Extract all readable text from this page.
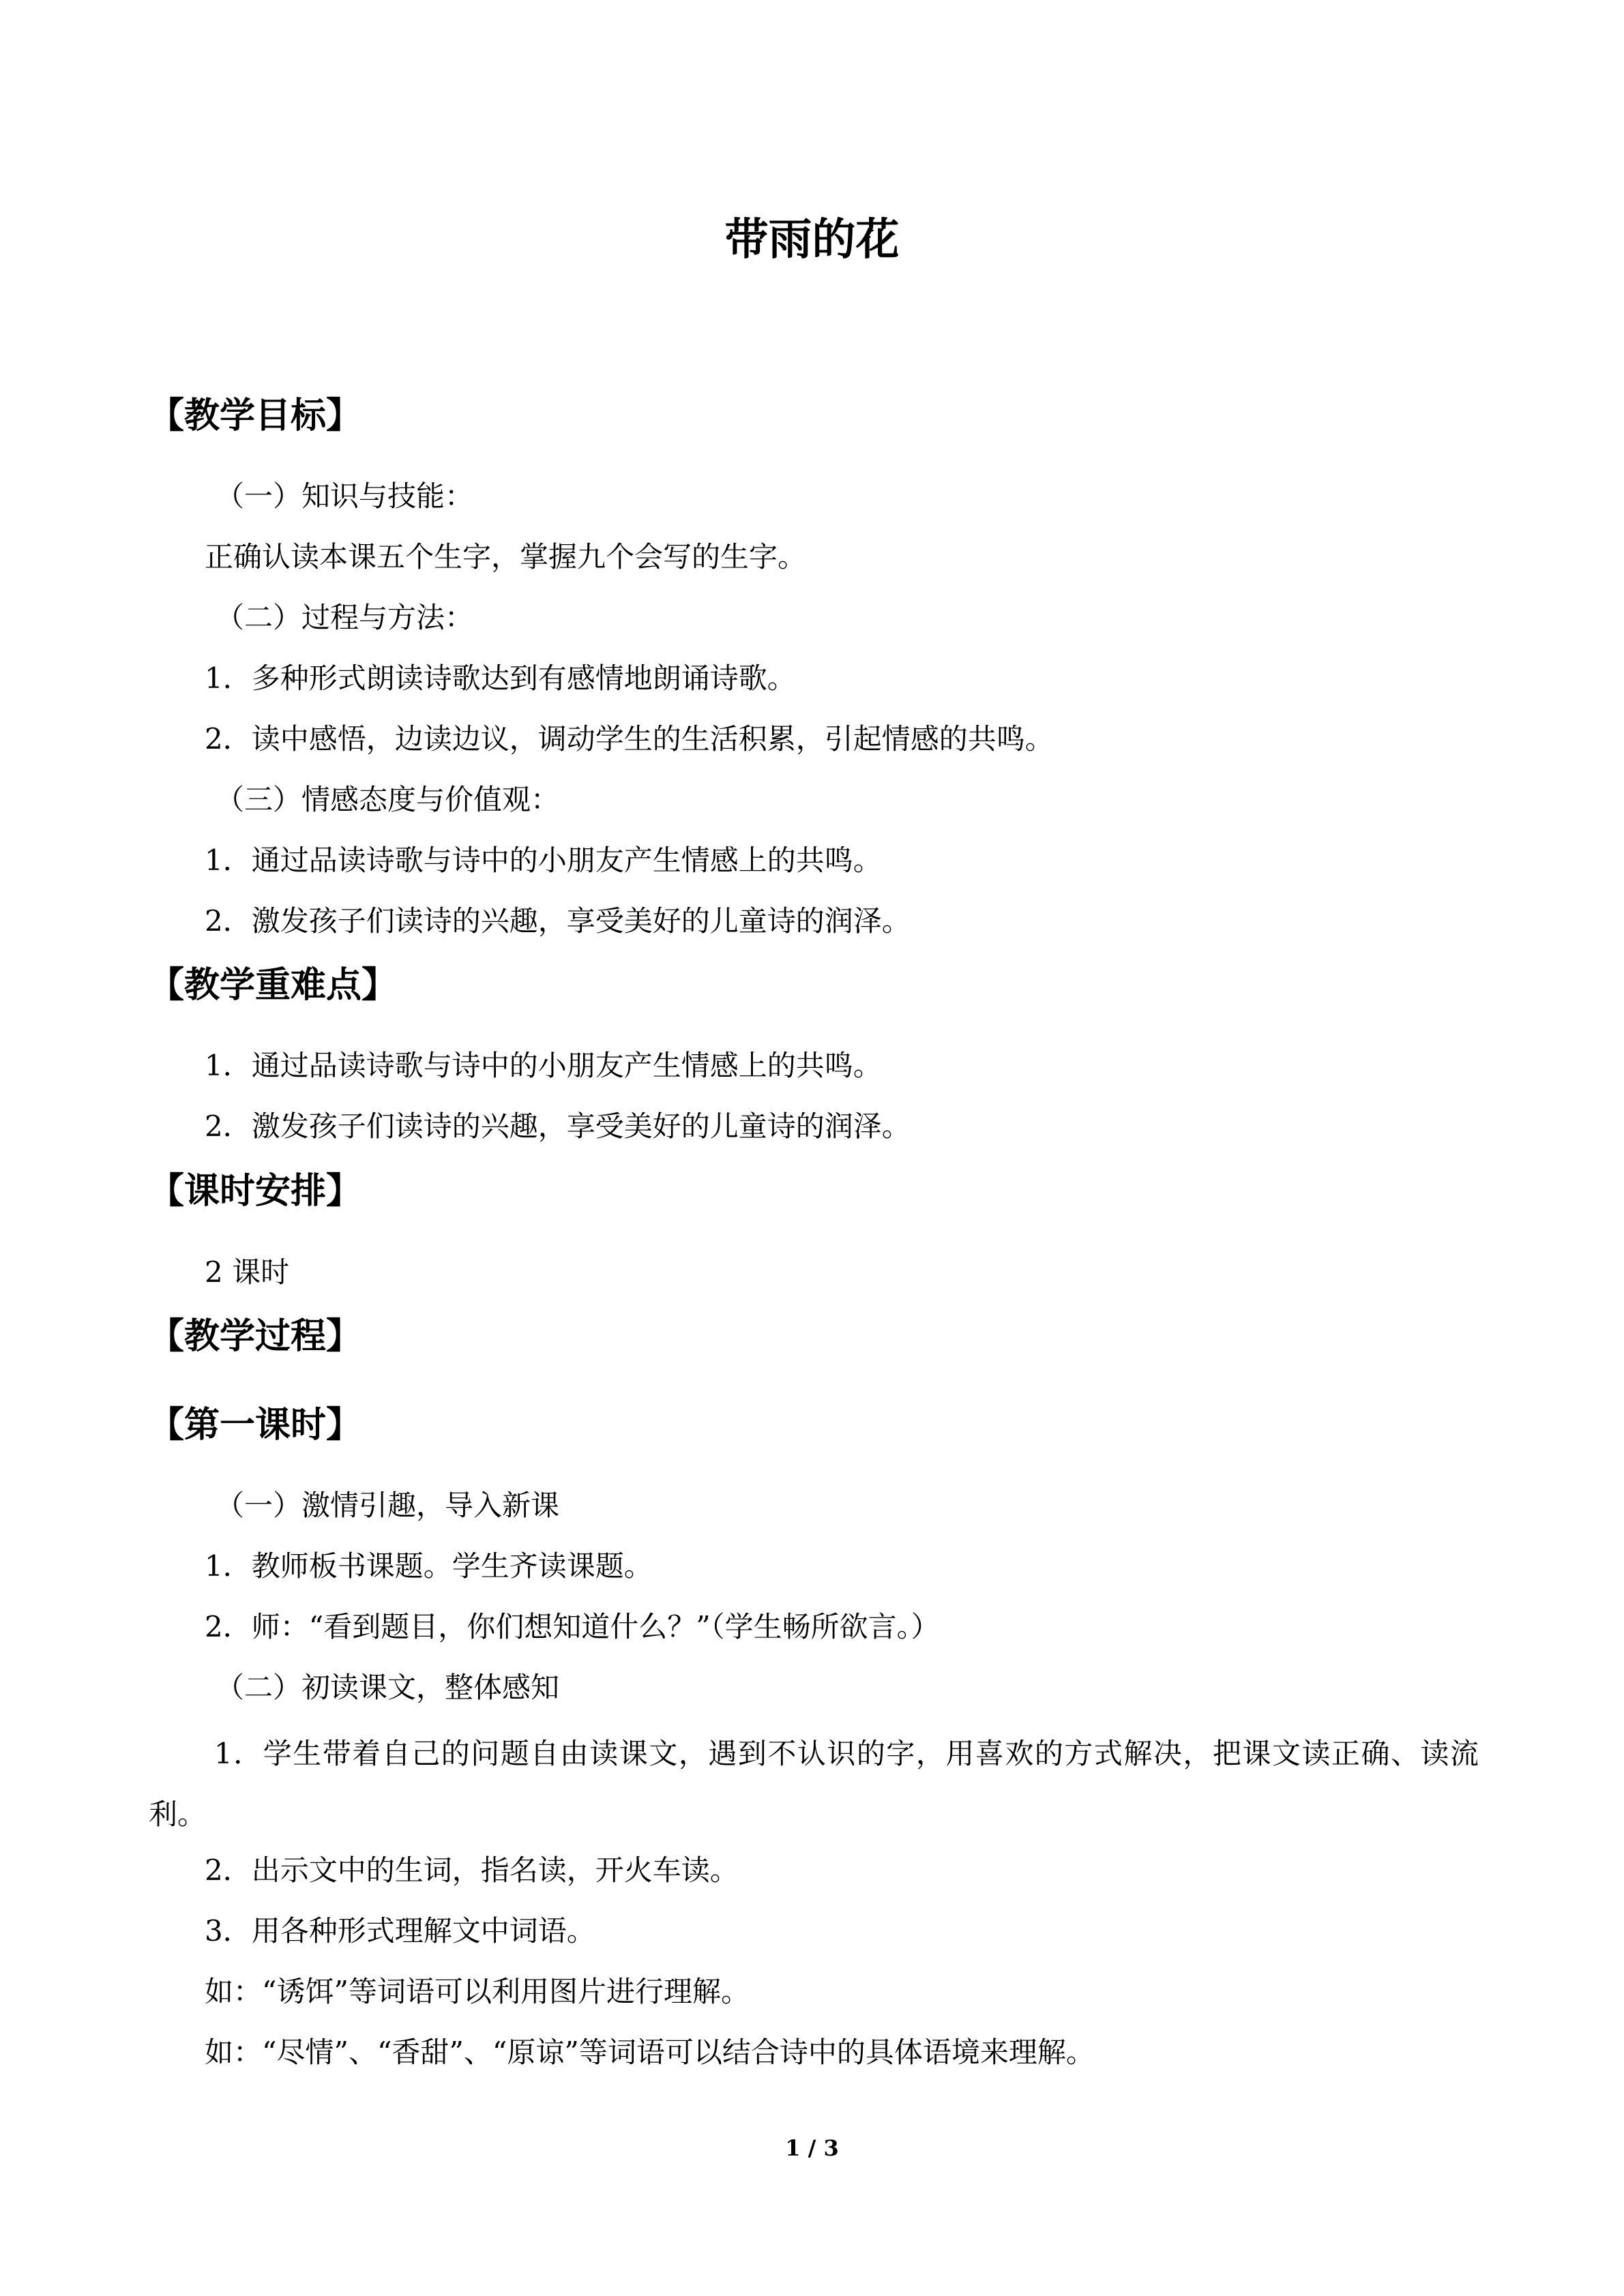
带雨的花
【教学目标】
（一）知识与技能：
正确认读本课五个生字，掌握九个会写的生字。
（二）过程与方法：
1．多种形式朗读诗歌达到有感情地朗诵诗歌。
2．读中感悟，边读边议，调动学生的生活积累，引起情感的共鸣。
（三）情感态度与价值观：
1．通过品读诗歌与诗中的小朋友产生情感上的共鸣。
2．激发孩子们读诗的兴趣，享受美好的儿童诗的润泽。
【教学重难点】
1．通过品读诗歌与诗中的小朋友产生情感上的共鸣。
2．激发孩子们读诗的兴趣，享受美好的儿童诗的润泽。
【课时安排】
2 课时
【教学过程】
【第一课时】
（一）激情引趣，导入新课
1．教师板书课题。学生齐读课题。
2．师：“看到题目，你们想知道什么？”（学生畅所欲言。）
（二）初读课文，整体感知
1．学生带着自己的问题自由读课文，遇到不认识的字，用喜欢的方式解决，把课文读正确、读流利。
2．出示文中的生词，指名读，开火车读。
3．用各种形式理解文中词语。
如：“诱饵”等词语可以利用图片进行理解。
如：“尽情”、“香甜”、“原谅”等词语可以结合诗中的具体语境来理解。
1 / 3
